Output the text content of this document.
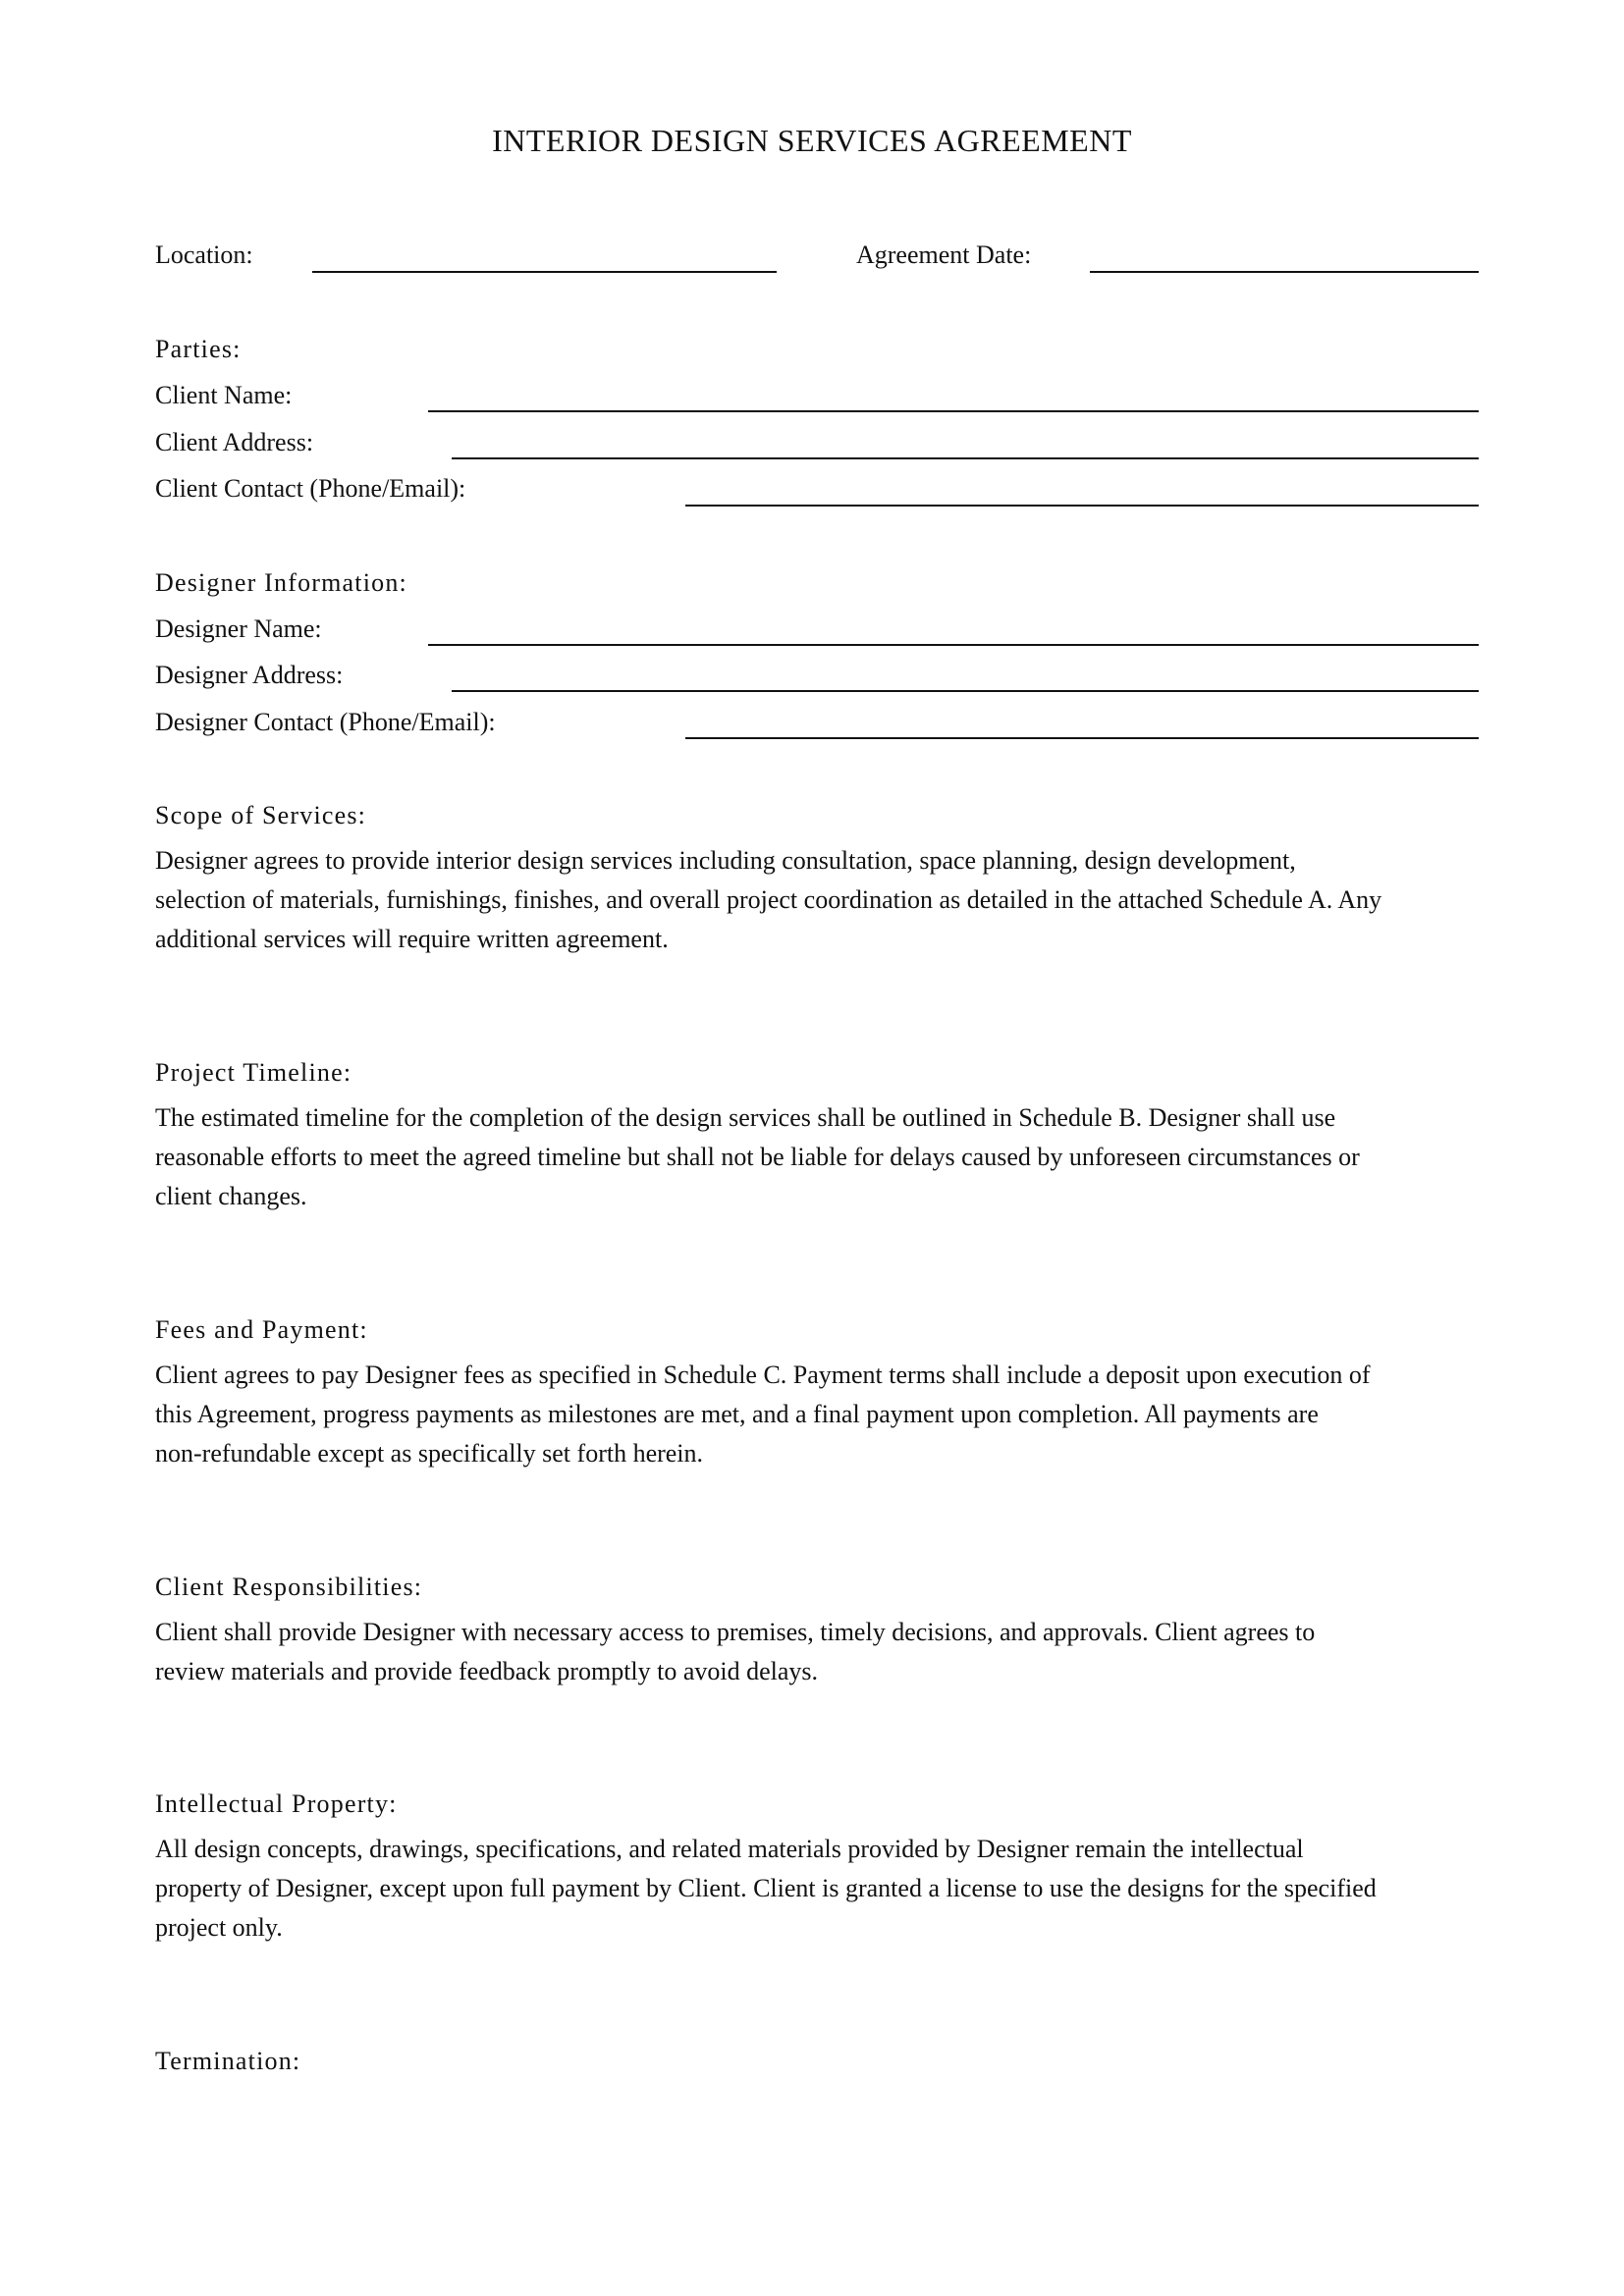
INTERIOR DESIGN SERVICES AGREEMENT
Location:	Agreement Date:
Parties:
Client Name:
Client Address:
Client Contact (Phone/Email):
Designer Information:
Designer Name:
Designer Address:
Designer Contact (Phone/Email):
Scope of Services:
Designer agrees to provide interior design services including consultation, space planning, design development,
selection of materials, furnishings, finishes, and overall project coordination as detailed in the attached Schedule A. Any
additional services will require written agreement.
Project Timeline:
The estimated timeline for the completion of the design services shall be outlined in Schedule B. Designer shall use
reasonable efforts to meet the agreed timeline but shall not be liable for delays caused by unforeseen circumstances or
client changes.
Fees and Payment:
Client agrees to pay Designer fees as specified in Schedule C. Payment terms shall include a deposit upon execution of
this Agreement, progress payments as milestones are met, and a final payment upon completion. All payments are
non-refundable except as specifically set forth herein.
Client Responsibilities:
Client shall provide Designer with necessary access to premises, timely decisions, and approvals. Client agrees to
review materials and provide feedback promptly to avoid delays.
Intellectual Property:
All design concepts, drawings, specifications, and related materials provided by Designer remain the intellectual
property of Designer, except upon full payment by Client. Client is granted a license to use the designs for the specified
project only.
Termination:
